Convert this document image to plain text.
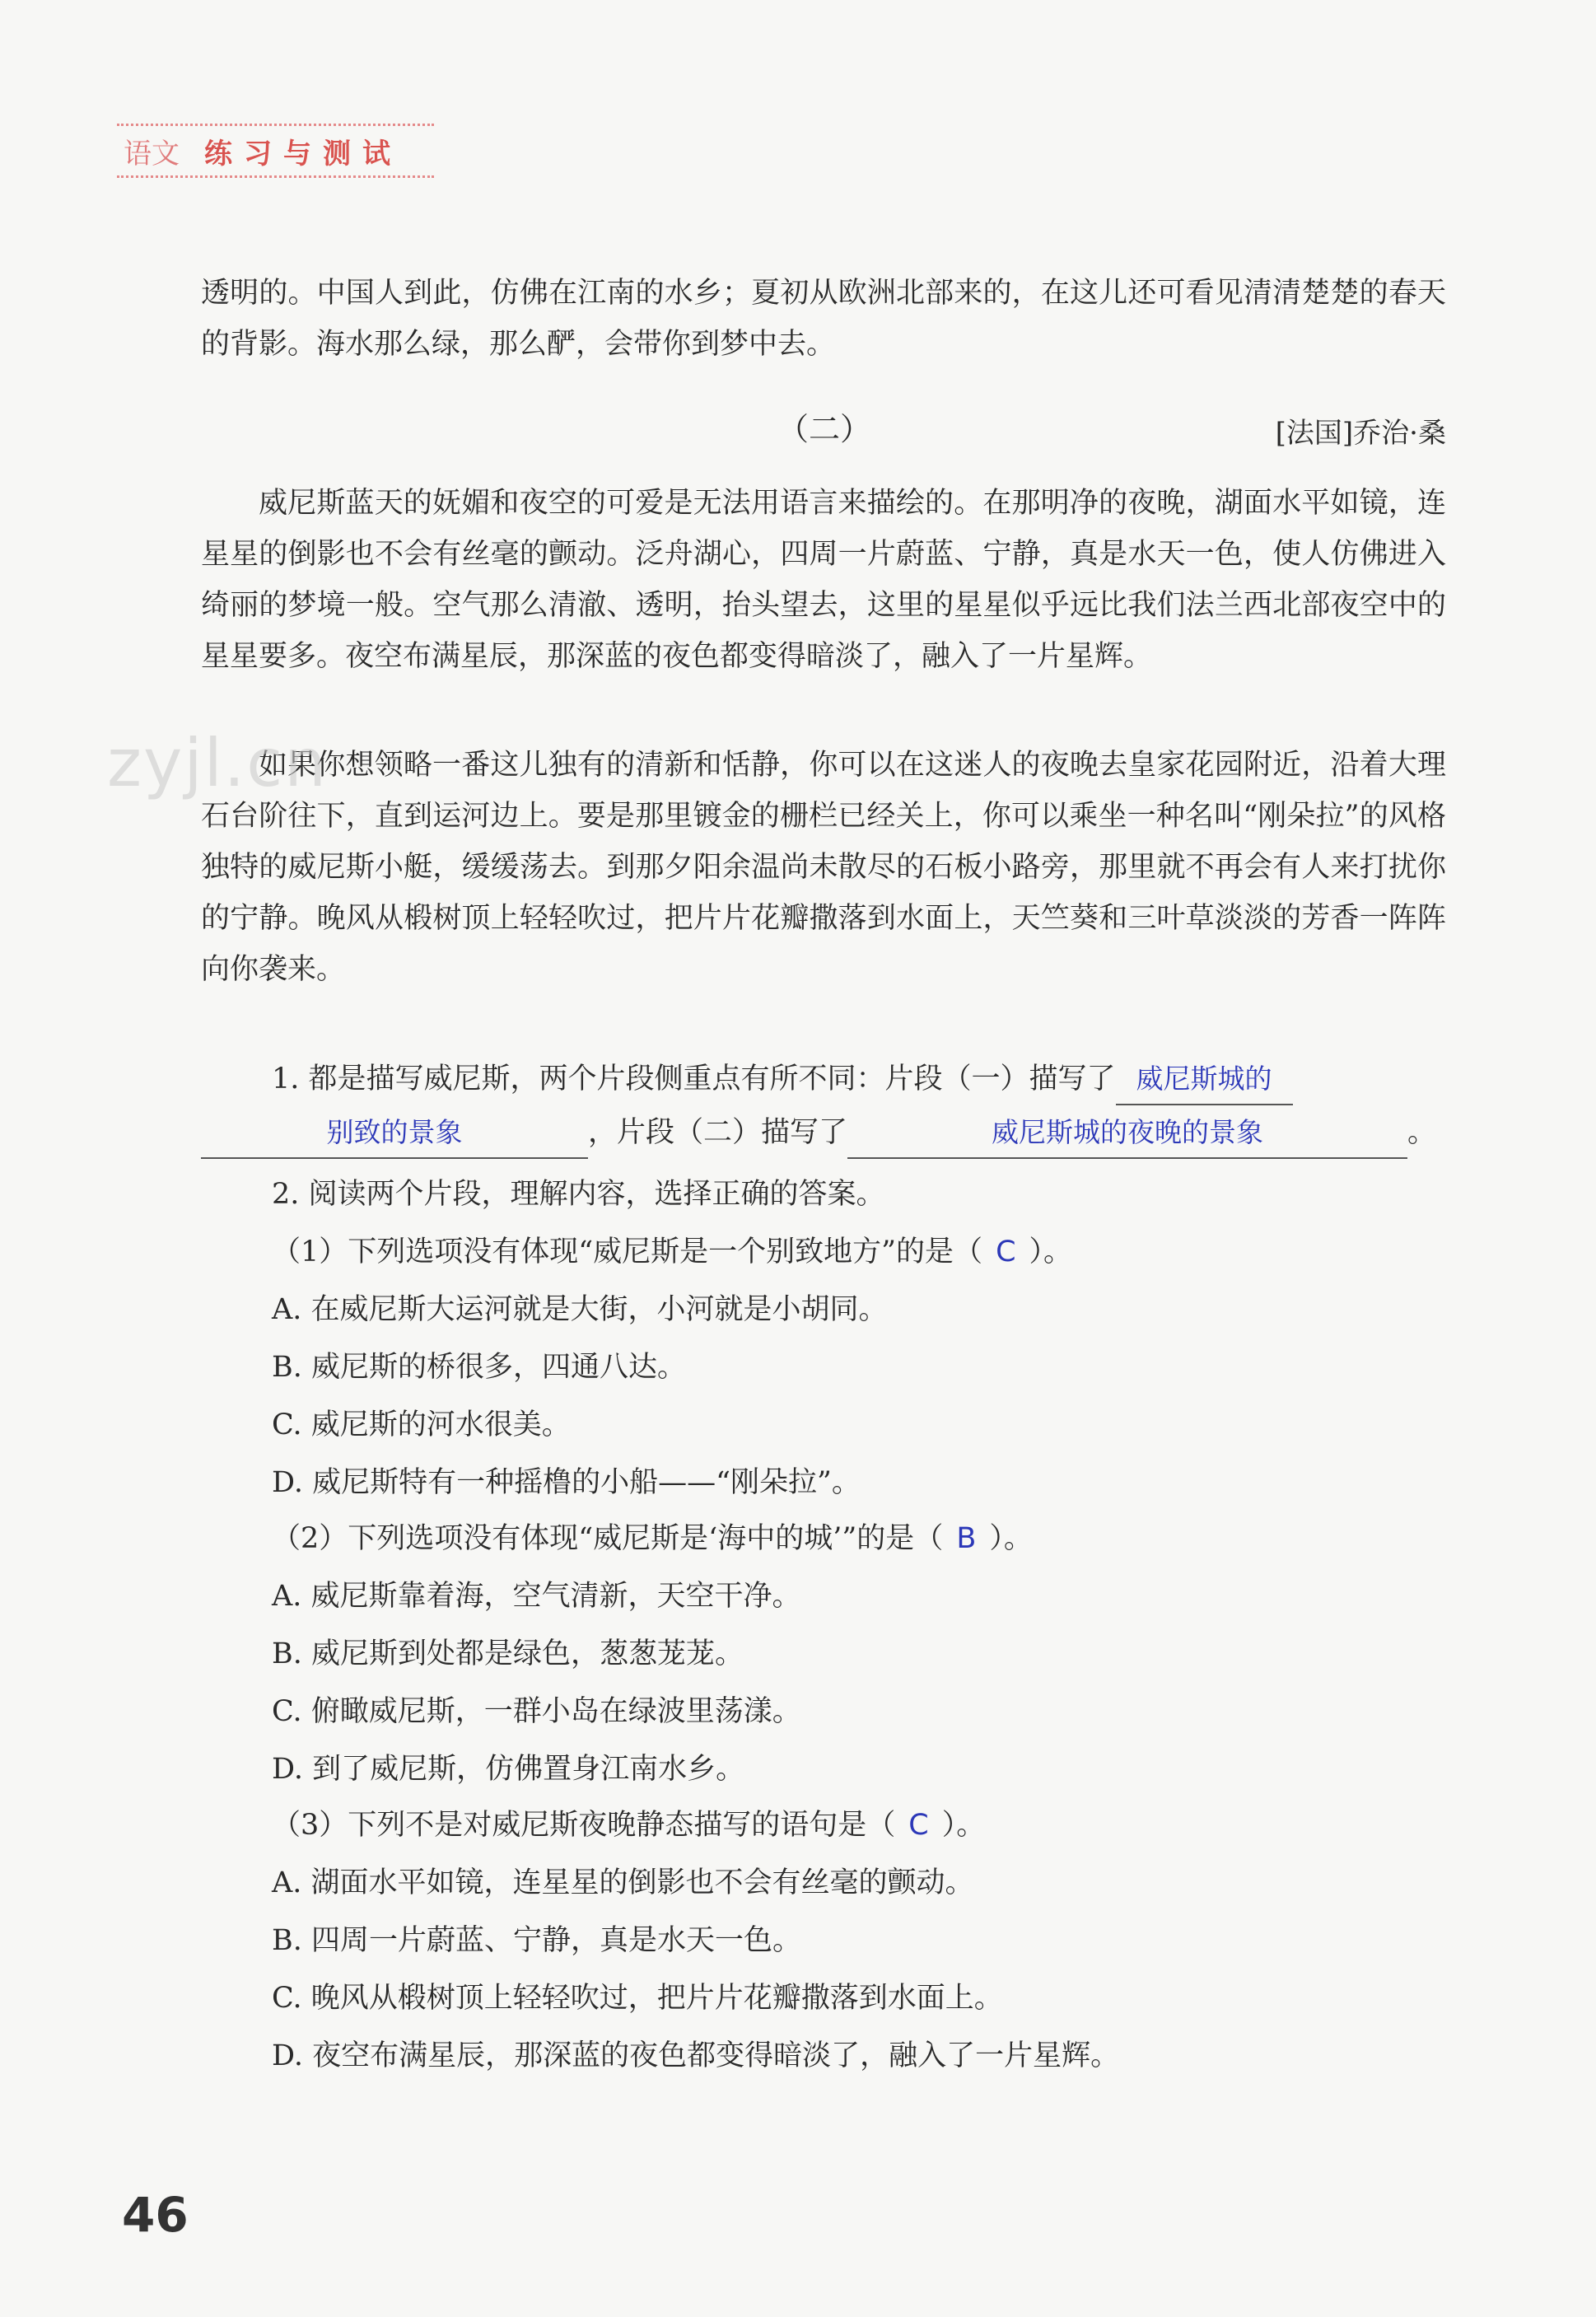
语文 练习与测试
透明的。中国人到此，仿佛在江南的水乡；夏初从欧洲北部来的，在这儿还可看见清清楚楚的春天的背影。海水那么绿，那么酽，会带你到梦中去。
（二）	[法国]乔治·桑
威尼斯蓝天的妩媚和夜空的可爱是无法用语言来描绘的。在那明净的夜晚，湖面水平如镜，连星星的倒影也不会有丝毫的颤动。泛舟湖心，四周一片蔚蓝、宁静，真是水天一色，使人仿佛进入绮丽的梦境一般。空气那么清澈、透明，抬头望去，这里的星星似乎远比我们法兰西北部夜空中的星星要多。夜空布满星辰，那深蓝的夜色都变得暗淡了，融入了一片星辉。
如果你想领略一番这儿独有的清新和恬静，你可以在这迷人的夜晚去皇家花园附近，沿着大理石台阶往下，直到运河边上。要是那里镀金的栅栏已经关上，你可以乘坐一种名叫“刚朵拉”的风格独特的威尼斯小艇，缓缓荡去。到那夕阳余温尚未散尽的石板小路旁，那里就不再会有人来打扰你的宁静。晚风从椴树顶上轻轻吹过，把片片花瓣撒落到水面上，天竺葵和三叶草淡淡的芳香一阵阵向你袭来。
zyjl.cn
1. 都是描写威尼斯，两个片段侧重点有所不同：片段（一）描写了 威尼斯城的
别致的景象	，片段（二）描写了	威尼斯城的夜晚的景象	。
2. 阅读两个片段，理解内容，选择正确的答案。
（1）下列选项没有体现“威尼斯是一个别致地方”的是（ C ）。
A. 在威尼斯大运河就是大街，小河就是小胡同。
B. 威尼斯的桥很多，四通八达。
C. 威尼斯的河水很美。
D. 威尼斯特有一种摇橹的小船——“刚朵拉”。
（2）下列选项没有体现“威尼斯是‘海中的城’”的是（ B ）。
A. 威尼斯靠着海，空气清新，天空干净。
B. 威尼斯到处都是绿色，葱葱茏茏。
C. 俯瞰威尼斯，一群小岛在绿波里荡漾。
D. 到了威尼斯，仿佛置身江南水乡。
（3）下列不是对威尼斯夜晚静态描写的语句是（ C ）。
A. 湖面水平如镜，连星星的倒影也不会有丝毫的颤动。
B. 四周一片蔚蓝、宁静，真是水天一色。
C. 晚风从椴树顶上轻轻吹过，把片片花瓣撒落到水面上。
D. 夜空布满星辰，那深蓝的夜色都变得暗淡了，融入了一片星辉。
46
